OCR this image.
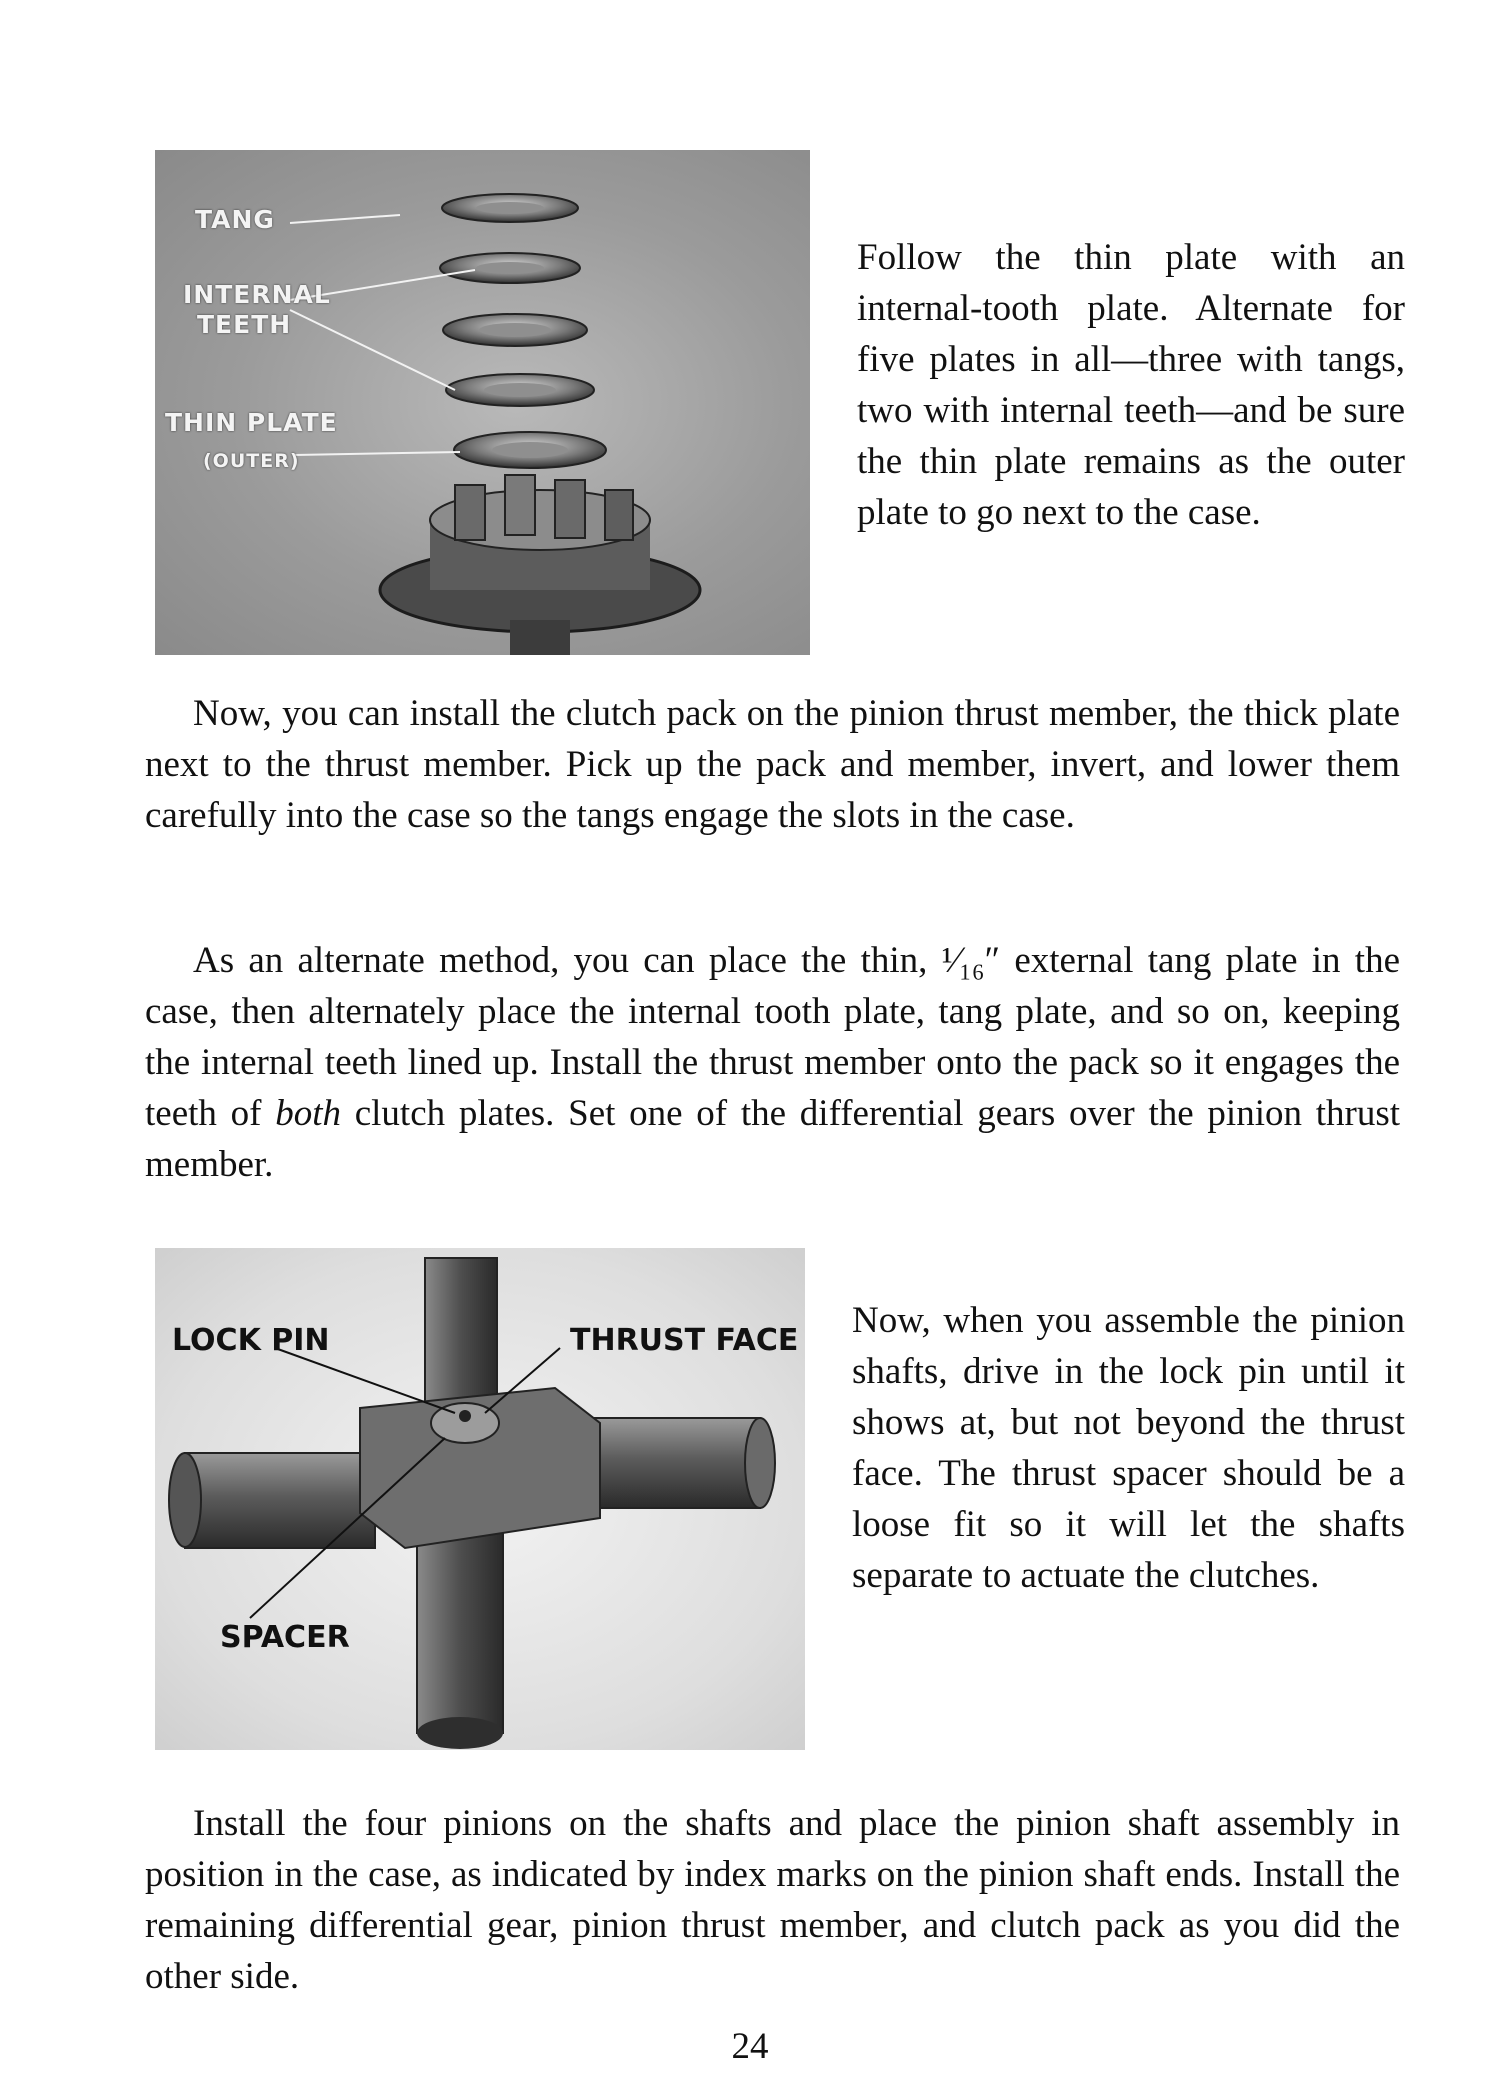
TANG
INTERNAL
TEETH
THIN PLATE
(OUTER)
Follow the thin plate with an internal-tooth plate. Alternate for five plates in all—three with tangs, two with internal teeth—and be sure the thin plate remains as the outer plate to go next to the case.

Now, you can install the clutch pack on the pinion thrust member, the thick plate next to the thrust member. Pick up the pack and member, invert, and lower them carefully into the case so the tangs engage the slots in the case.

As an alternate method, you can place the thin, ¹⁄₁₆″ external tang plate in the case, then alternately place the internal tooth plate, tang plate, and so on, keeping the internal teeth lined up. Install the thrust member onto the pack so it engages the teeth of both clutch plates. Set one of the differential gears over the pinion thrust member.

LOCK PIN	THRUST FACE
SPACER
Now, when you assemble the pinion shafts, drive in the lock pin until it shows at, but not beyond the thrust face. The thrust spacer should be a loose fit so it will let the shafts separate to actuate the clutches.

Install the four pinions on the shafts and place the pinion shaft assembly in position in the case, as indicated by index marks on the pinion shaft ends. Install the remaining differential gear, pinion thrust member, and clutch pack as you did the other side.

24
